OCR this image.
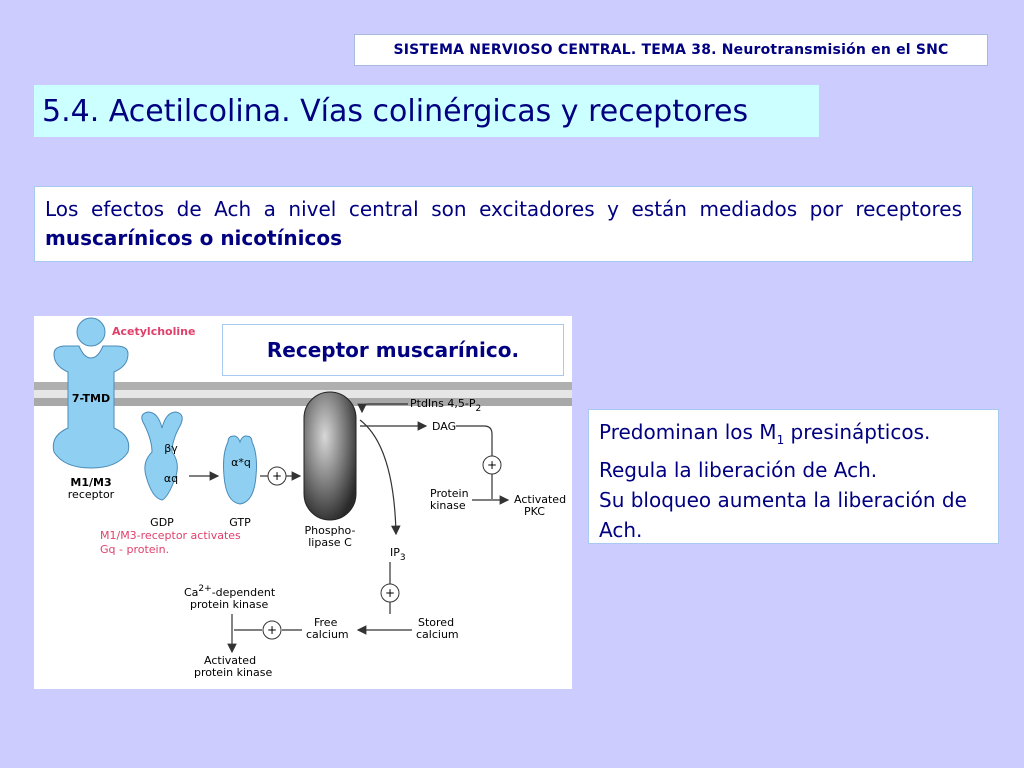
SISTEMA NERVIOSO CENTRAL. TEMA 38. Neurotransmisión en el SNC
5.4. Acetilcolina. Vías colinérgicas y receptores
Los efectos de Ach a nivel central son excitadores y están mediados por receptores muscarínicos o nicotínicos
Acetylcholine
7-TMD
M1/M3
receptor
βγ
αq
GDP
α*q
GTP
+
M1/M3-receptor activates
Gq - protein.
Phospho-
lipase C
PtdIns $4,5-P_2$
DAG
+
Protein
kinase	Activated
PKC
$IP_3$
+
Stored
calcium
Free
calcium
+
$Ca^{2+}$-dependent
protein kinase
Activated
protein kinase
Receptor muscarínico.
Predominan los $M_1$ presinápticos.
Regula la liberación de Ach.
Su bloqueo aumenta la liberación de Ach.
